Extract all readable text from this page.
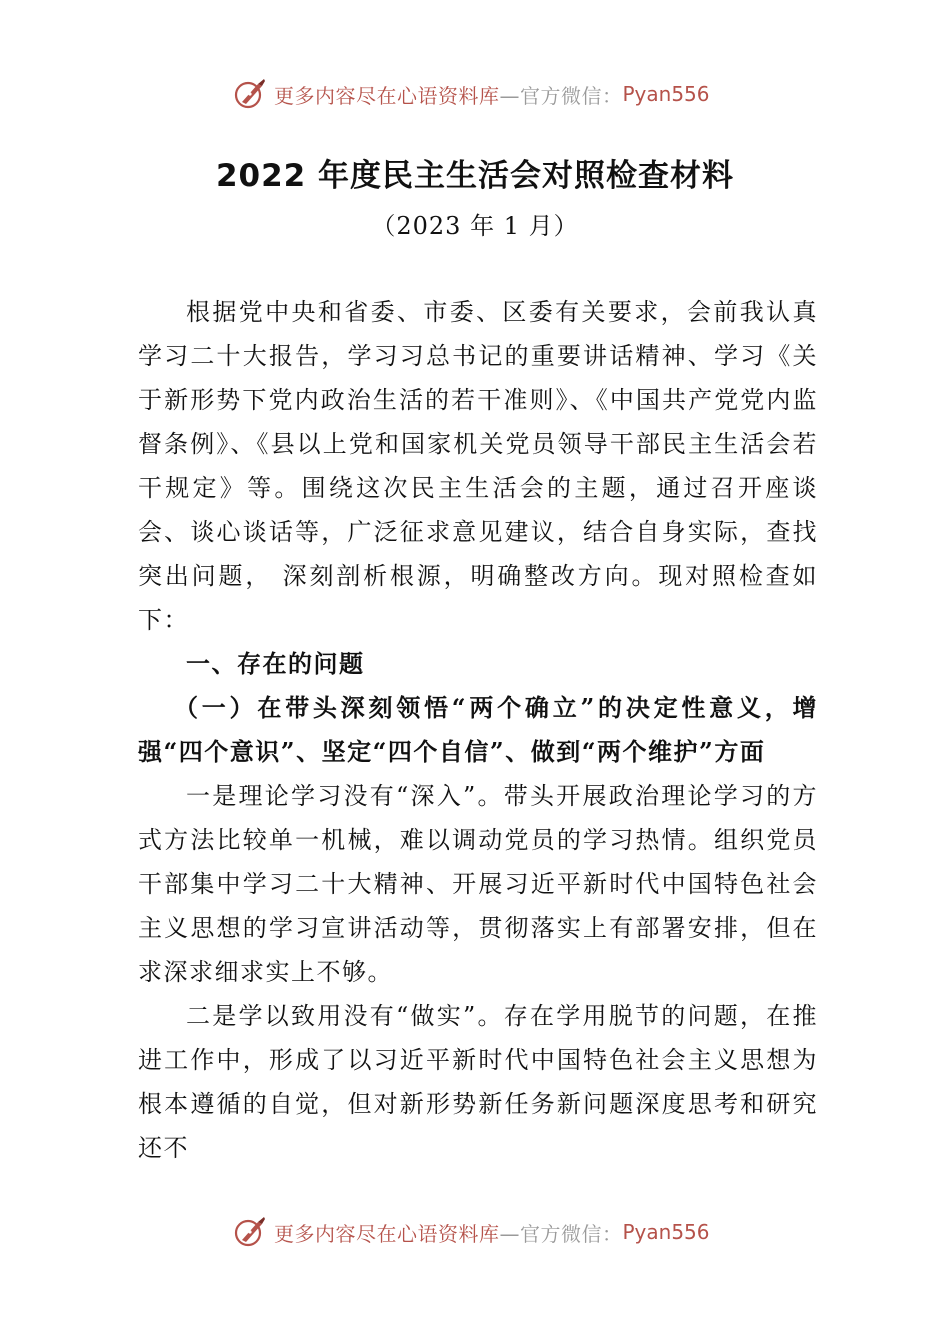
更多内容尽在心语资料库 —官方微信： Pyan556
2022 年度民主生活会对照检查材料
（2023 年 1 月）

根据党中央和省委、市委、区委有关要求，会前我认真学习二十大报告，学习习总书记的重要讲话精神、学习《关于新形势下党内政治生活的若干准则》、《中国共产党党内监督条例》、《县以上党和国家机关党员领导干部民主生活会若干规定》等。围绕这次民主生活会的主题，通过召开座谈会、谈心谈话等，广泛征求意见建议，结合自身实际，查找突出问题， 深刻剖析根源，明确整改方向。现对照检查如下：

一、存在的问题
（一）在带头深刻领悟“两个确立”的决定性意义，增强“四个意识”、坚定“四个自信”、做到“两个维护”方面

一是理论学习没有“深入”。带头开展政治理论学习的方式方法比较单一机械，难以调动党员的学习热情。组织党员干部集中学习二十大精神、开展习近平新时代中国特色社会主义思想的学习宣讲活动等，贯彻落实上有部署安排，但在求深求细求实上不够。

二是学以致用没有“做实”。存在学用脱节的问题，在推进工作中，形成了以习近平新时代中国特色社会主义思想为根本遵循的自觉，但对新形势新任务新问题深度思考和研究还不

更多内容尽在心语资料库 —官方微信： Pyan556
